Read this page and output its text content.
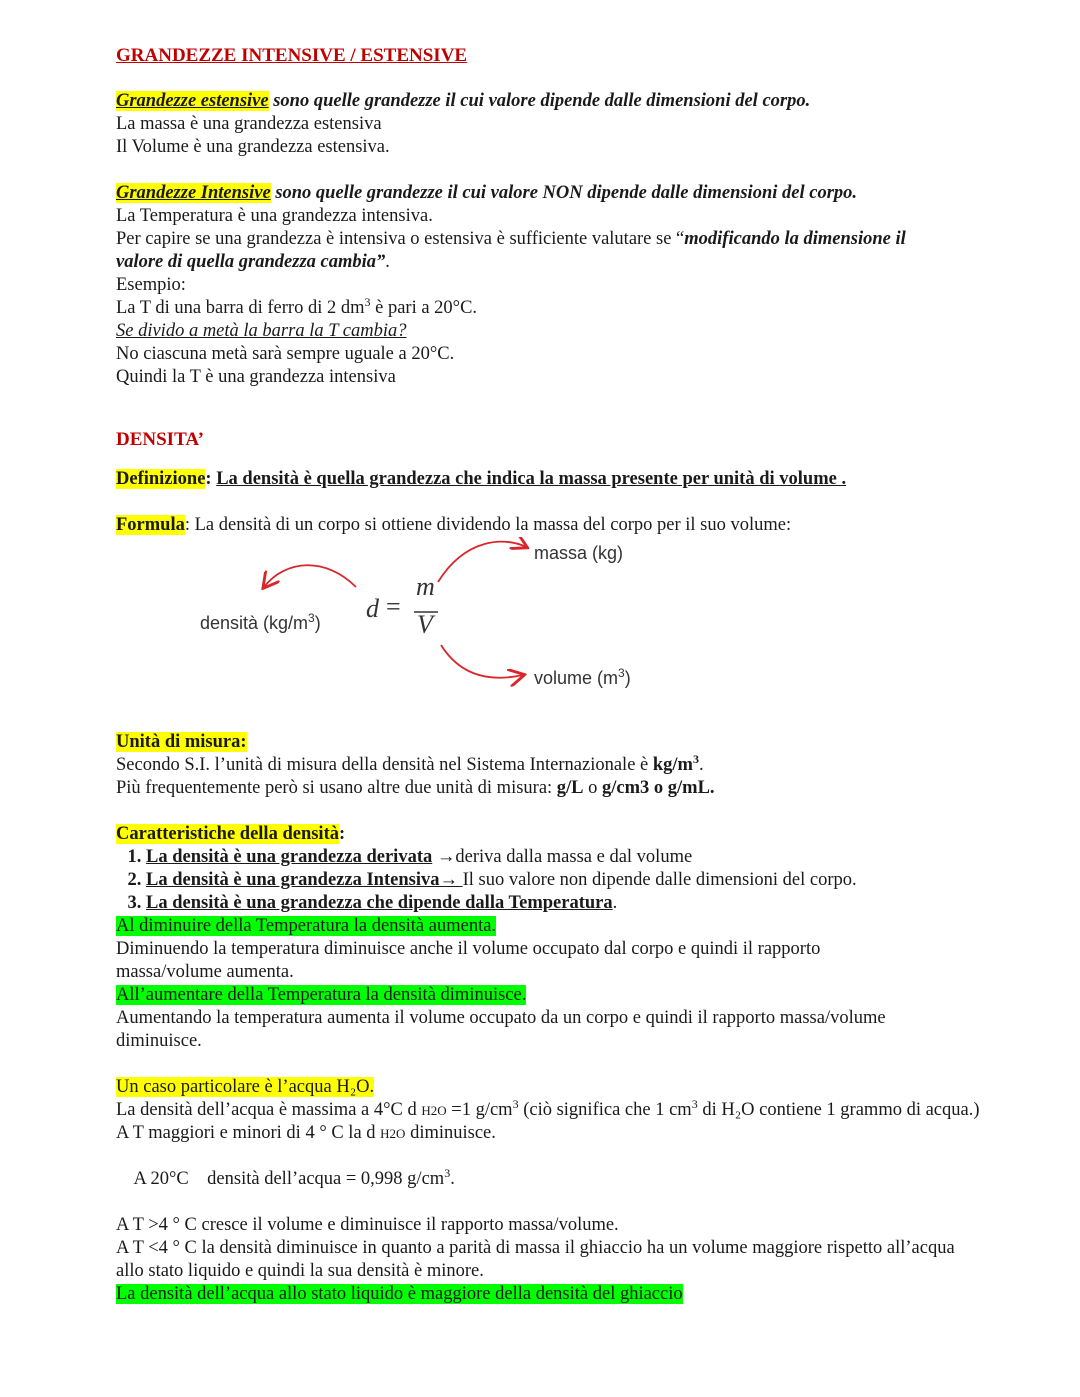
GRANDEZZE INTENSIVE / ESTENSIVE
Grandezze estensive sono quelle grandezze il cui valore dipende dalle dimensioni del corpo.
La massa è una grandezza estensiva
Il Volume è una grandezza estensiva.
Grandezze Intensive sono quelle grandezze il cui valore NON dipende dalle dimensioni del corpo.
La Temperatura è una grandezza intensiva.
Per capire se una grandezza è intensiva o estensiva è sufficiente valutare se “modificando la dimensione il
valore di quella grandezza cambia”.
Esempio:
La T di una barra di ferro di 2 $dm^3$ è pari a 20°C.
Se divido a metà la barra la T cambia?
No ciascuna metà sarà sempre uguale a 20°C.
Quindi la T è una grandezza intensiva
DENSITA’
Definizione: La densità è quella grandezza che indica la massa presente per unità di volume .
Formula: La densità di un corpo si ottiene dividendo la massa del corpo per il suo volume:
massa (kg)
densità $(kg/m^3)$
volume $(m^3)$
d =
m
V
Unità di misura:
Secondo S.I. l’unità di misura della densità nel Sistema Internazionale è $kg/m^3$.
Più frequentemente però si usano altre due unità di misura: g/L o g/cm3 o g/mL.
Caratteristiche della densità:
1. La densità è una grandezza derivata →deriva dalla massa e dal volume
2. La densità è una grandezza Intensiva→ Il suo valore non dipende dalle dimensioni del corpo.
3. La densità è una grandezza che dipende dalla Temperatura.
Al diminuire della Temperatura la densità aumenta.
Diminuendo la temperatura diminuisce anche il volume occupato dal corpo e quindi il rapporto massa/volume aumenta.
All’aumentare della Temperatura la densità diminuisce.
Aumentando la temperatura aumenta il volume occupato da un corpo e quindi il rapporto massa/volume diminuisce.
Un caso particolare è l’acqua H₂O.
La densità dell’acqua è massima a 4°C d H2O =1 $g/cm^3$ (ciò significa che 1 $cm^3$ di H₂O contiene 1 grammo di acqua.)
A T maggiori e minori di 4 ° C la d H2O diminuisce.

A 20°C    densità dell’acqua = 0,998 $g/cm^3$.

A T >4 ° C cresce il volume e diminuisce il rapporto massa/volume.
A T <4 ° C la densità diminuisce in quanto a parità di massa il ghiaccio ha un volume maggiore rispetto all’acqua allo stato liquido e quindi la sua densità è minore.
La densità dell’acqua allo stato liquido è maggiore della densità del ghiaccio
